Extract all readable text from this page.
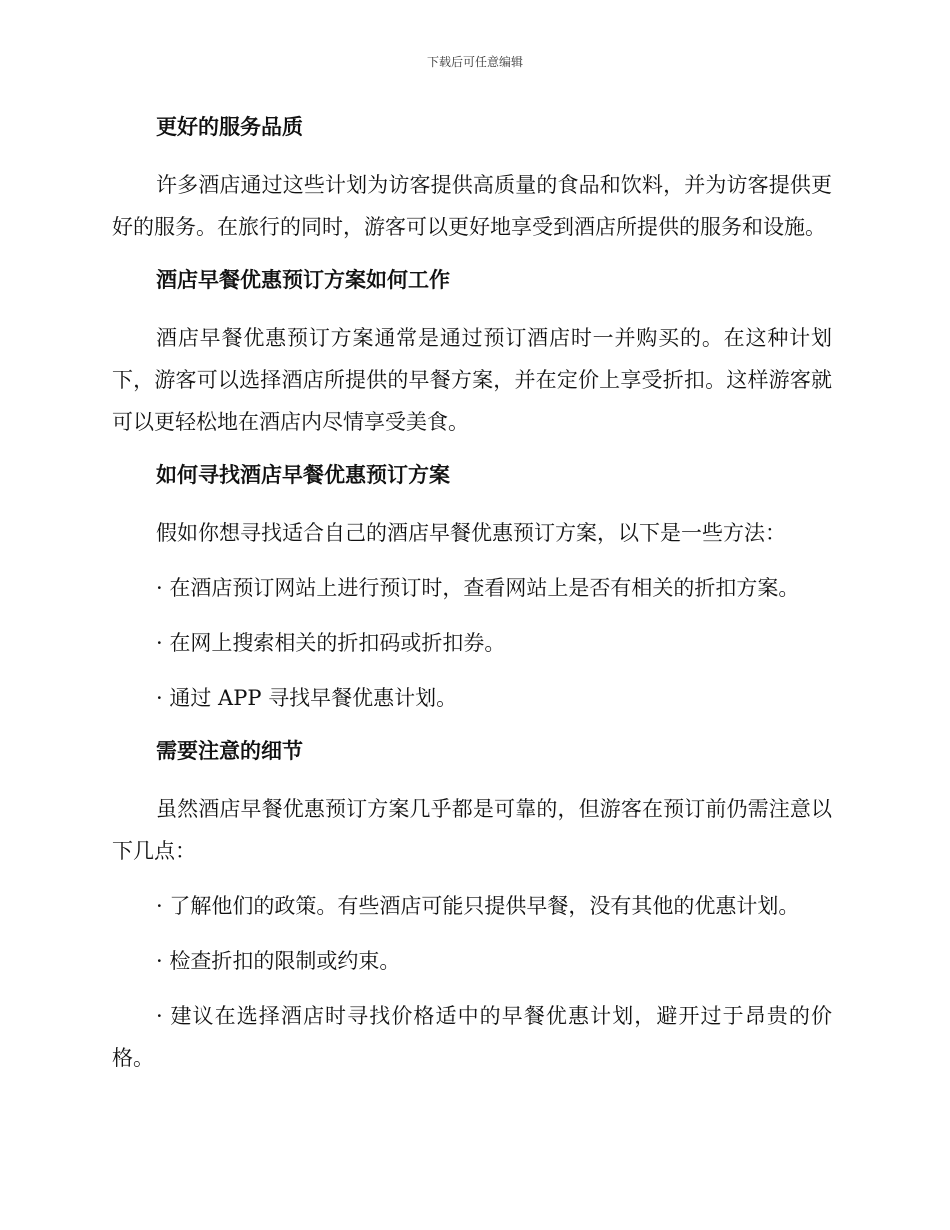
下载后可任意编辑
更好的服务品质

许多酒店通过这些计划为访客提供高质量的食品和饮料，并为访客提供更好的服务。在旅行的同时，游客可以更好地享受到酒店所提供的服务和设施。

酒店早餐优惠预订方案如何工作

酒店早餐优惠预订方案通常是通过预订酒店时一并购买的。在这种计划下，游客可以选择酒店所提供的早餐方案，并在定价上享受折扣。这样游客就可以更轻松地在酒店内尽情享受美食。

如何寻找酒店早餐优惠预订方案

假如你想寻找适合自己的酒店早餐优惠预订方案，以下是一些方法：

· 在酒店预订网站上进行预订时，查看网站上是否有相关的折扣方案。

· 在网上搜索相关的折扣码或折扣券。

· 通过 APP 寻找早餐优惠计划。

需要注意的细节

虽然酒店早餐优惠预订方案几乎都是可靠的，但游客在预订前仍需注意以下几点：

· 了解他们的政策。有些酒店可能只提供早餐，没有其他的优惠计划。

· 检查折扣的限制或约束。

· 建议在选择酒店时寻找价格适中的早餐优惠计划，避开过于昂贵的价格。
